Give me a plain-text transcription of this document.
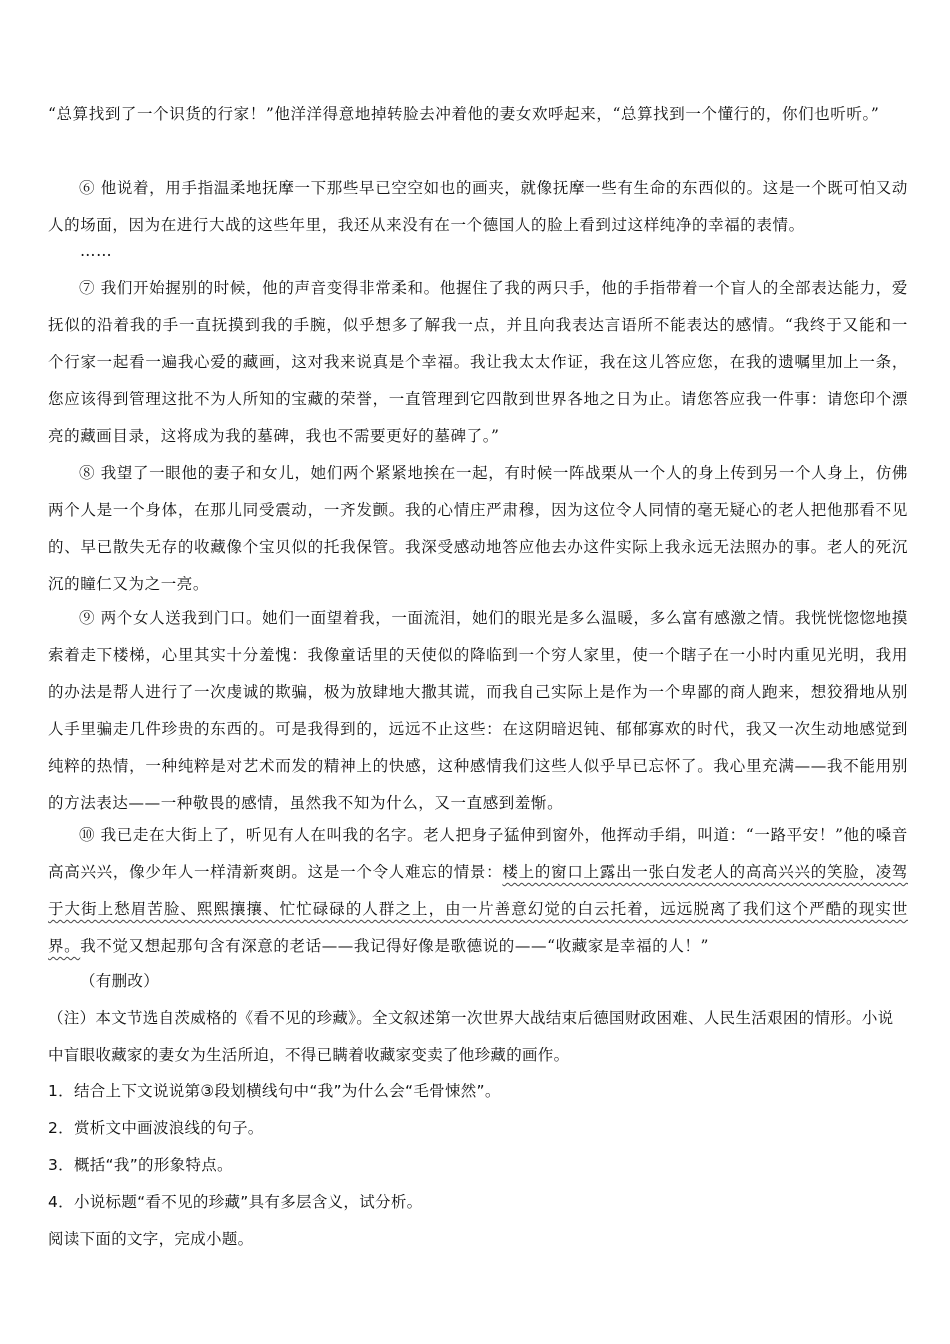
“总算找到了一个识货的行家！”他洋洋得意地掉转脸去冲着他的妻女欢呼起来，“总算找到一个懂行的，你们也听听。”

⑥ 他说着，用手指温柔地抚摩一下那些早已空空如也的画夹，就像抚摩一些有生命的东西似的。这是一个既可怕又动人的场面，因为在进行大战的这些年里，我还从来没有在一个德国人的脸上看到过这样纯净的幸福的表情。

……

⑦ 我们开始握别的时候，他的声音变得非常柔和。他握住了我的两只手，他的手指带着一个盲人的全部表达能力，爱抚似的沿着我的手一直抚摸到我的手腕，似乎想多了解我一点，并且向我表达言语所不能表达的感情。“我终于又能和一个行家一起看一遍我心爱的藏画，这对我来说真是个幸福。我让我太太作证，我在这儿答应您，在我的遗嘱里加上一条，您应该得到管理这批不为人所知的宝藏的荣誉，一直管理到它四散到世界各地之日为止。请您答应我一件事：请您印个漂亮的藏画目录，这将成为我的墓碑，我也不需要更好的墓碑了。”

⑧ 我望了一眼他的妻子和女儿，她们两个紧紧地挨在一起，有时候一阵战栗从一个人的身上传到另一个人身上，仿佛两个人是一个身体，在那儿同受震动，一齐发颤。我的心情庄严肃穆，因为这位令人同情的毫无疑心的老人把他那看不见的、早已散失无存的收藏像个宝贝似的托我保管。我深受感动地答应他去办这件实际上我永远无法照办的事。老人的死沉沉的瞳仁又为之一亮。

⑨ 两个女人送我到门口。她们一面望着我，一面流泪，她们的眼光是多么温暖，多么富有感激之情。我恍恍惚惚地摸索着走下楼梯，心里其实十分羞愧：我像童话里的天使似的降临到一个穷人家里，使一个瞎子在一小时内重见光明，我用的办法是帮人进行了一次虔诚的欺骗，极为放肆地大撒其谎，而我自己实际上是作为一个卑鄙的商人跑来，想狡猾地从别人手里骗走几件珍贵的东西的。可是我得到的，远远不止这些：在这阴暗迟钝、郁郁寡欢的时代，我又一次生动地感觉到纯粹的热情，一种纯粹是对艺术而发的精神上的快感，这种感情我们这些人似乎早已忘怀了。我心里充满——我不能用别的方法表达——一种敬畏的感情，虽然我不知为什么，又一直感到羞惭。

⑩ 我已走在大街上了，听见有人在叫我的名字。老人把身子猛伸到窗外，他挥动手绢，叫道：“一路平安！”他的嗓音高高兴兴，像少年人一样清新爽朗。这是一个令人难忘的情景：楼上的窗口上露出一张白发老人的高高兴兴的笑脸，凌驾于大街上愁眉苦脸、熙熙攘攘、忙忙碌碌的人群之上，由一片善意幻觉的白云托着，远远脱离了我们这个严酷的现实世界。我不觉又想起那句含有深意的老话——我记得好像是歌德说的——“收藏家是幸福的人！”

（有删改）

（注）本文节选自茨威格的《看不见的珍藏》。全文叙述第一次世界大战结束后德国财政困难、人民生活艰困的情形。小说中盲眼收藏家的妻女为生活所迫，不得已瞒着收藏家变卖了他珍藏的画作。

1．结合上下文说说第③段划横线句中“我”为什么会“毛骨悚然”。

2．赏析文中画波浪线的句子。

3．概括“我”的形象特点。

4．小说标题“看不见的珍藏”具有多层含义，试分析。

阅读下面的文字，完成小题。
